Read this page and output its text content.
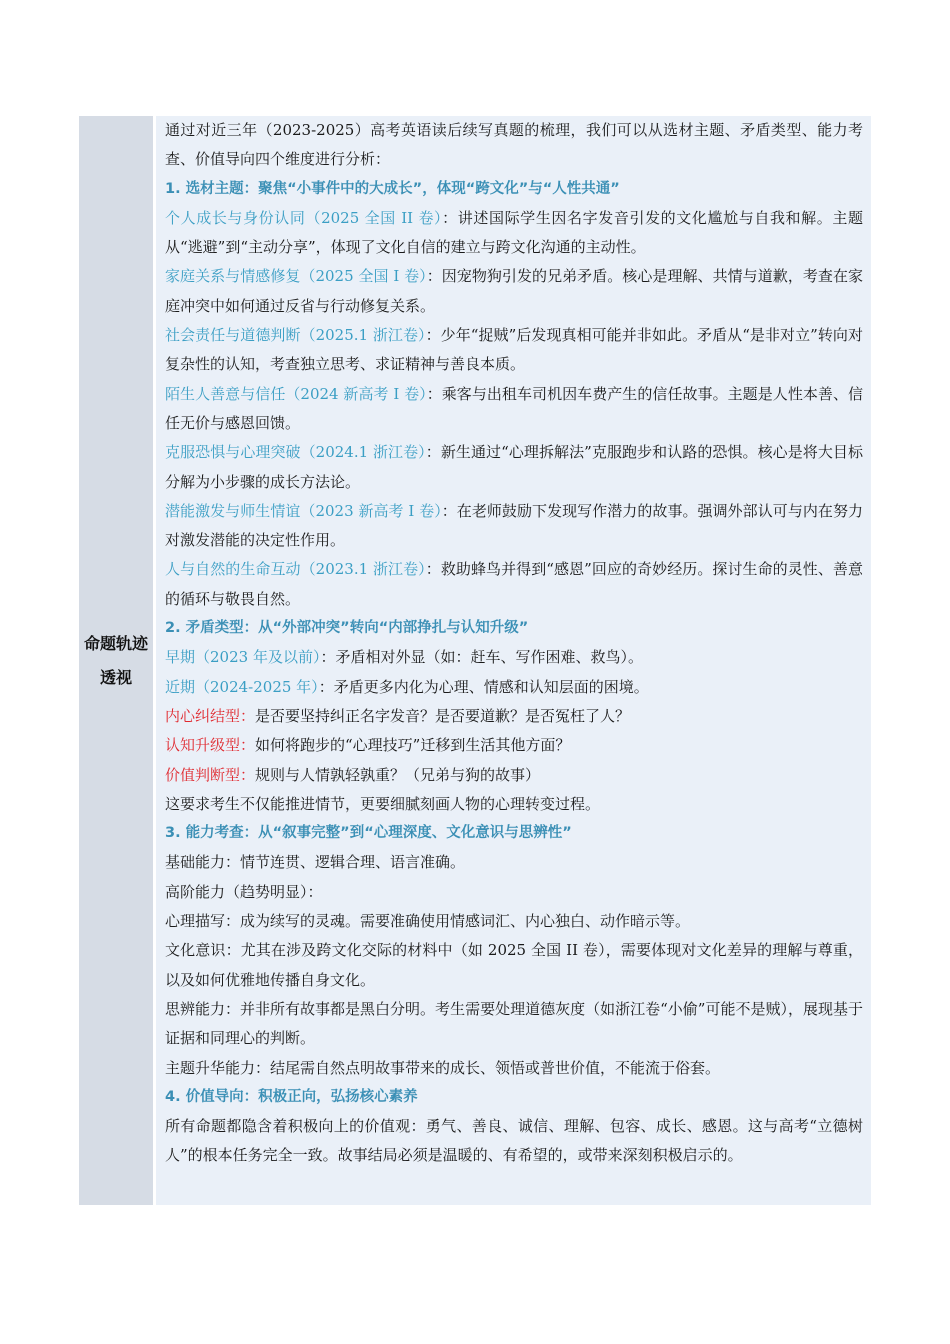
命题轨迹透视

通过对近三年（2023-2025）高考英语读后续写真题的梳理，我们可以从选材主题、矛盾类型、能力考查、价值导向四个维度进行分析：

1. 选材主题：聚焦“小事件中的大成长”，体现“跨文化”与“人性共通”

个人成长与身份认同（2025 全国 II 卷）：讲述国际学生因名字发音引发的文化尴尬与自我和解。主题从“逃避”到“主动分享”，体现了文化自信的建立与跨文化沟通的主动性。

家庭关系与情感修复（2025 全国 I 卷）：因宠物狗引发的兄弟矛盾。核心是理解、共情与道歉，考查在家庭冲突中如何通过反省与行动修复关系。

社会责任与道德判断（2025.1 浙江卷）：少年“捉贼”后发现真相可能并非如此。矛盾从“是非对立”转向对复杂性的认知，考查独立思考、求证精神与善良本质。

陌生人善意与信任（2024 新高考 I 卷）：乘客与出租车司机因车费产生的信任故事。主题是人性本善、信任无价与感恩回馈。

克服恐惧与心理突破（2024.1 浙江卷）：新生通过“心理拆解法”克服跑步和认路的恐惧。核心是将大目标分解为小步骤的成长方法论。

潜能激发与师生情谊（2023 新高考 I 卷）：在老师鼓励下发现写作潜力的故事。强调外部认可与内在努力对激发潜能的决定性作用。

人与自然的生命互动（2023.1 浙江卷）：救助蜂鸟并得到“感恩”回应的奇妙经历。探讨生命的灵性、善意的循环与敬畏自然。

2. 矛盾类型：从“外部冲突”转向“内部挣扎与认知升级”

早期（2023 年及以前）：矛盾相对外显（如：赶车、写作困难、救鸟）。

近期（2024-2025 年）：矛盾更多内化为心理、情感和认知层面的困境。

内心纠结型：是否要坚持纠正名字发音？是否要道歉？是否冤枉了人？

认知升级型：如何将跑步的“心理技巧”迁移到生活其他方面？

价值判断型：规则与人情孰轻孰重？（兄弟与狗的故事）

这要求考生不仅能推进情节，更要细腻刻画人物的心理转变过程。

3. 能力考查：从“叙事完整”到“心理深度、文化意识与思辨性”

基础能力：情节连贯、逻辑合理、语言准确。

高阶能力（趋势明显）：

心理描写：成为续写的灵魂。需要准确使用情感词汇、内心独白、动作暗示等。

文化意识：尤其在涉及跨文化交际的材料中（如 2025 全国 II 卷），需要体现对文化差异的理解与尊重，以及如何优雅地传播自身文化。

思辨能力：并非所有故事都是黑白分明。考生需要处理道德灰度（如浙江卷“小偷”可能不是贼），展现基于证据和同理心的判断。

主题升华能力：结尾需自然点明故事带来的成长、领悟或普世价值，不能流于俗套。

4. 价值导向：积极正向，弘扬核心素养

所有命题都隐含着积极向上的价值观：勇气、善良、诚信、理解、包容、成长、感恩。这与高考“立德树人”的根本任务完全一致。故事结局必须是温暖的、有希望的，或带来深刻积极启示的。
